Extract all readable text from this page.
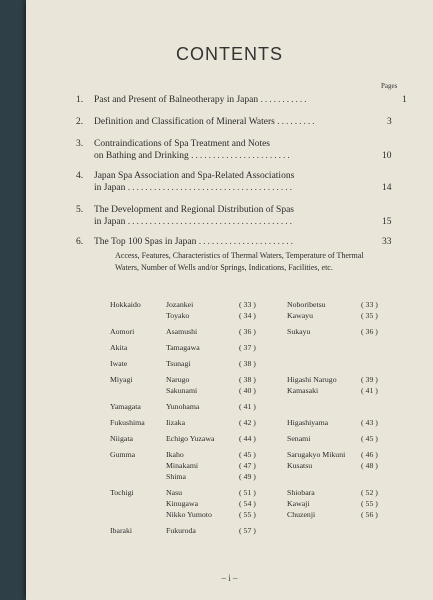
CONTENTS
Pages
1. Past and Present of Balneotherapy in Japan ...........	1
2. Definition and Classification of Mineral Waters .........	3
3. Contraindications of Spa Treatment and Notes
on Bathing and Drinking .......................	10
4. Japan Spa Association and Spa-Related Associations
in Japan ......................................	14
5. The Development and Regional Distribution of Spas
in Japan ......................................	15
6. The Top 100 Spas in Japan ......................	33
Access, Features, Characteristics of Thermal Waters, Temperature of Thermal Waters, Number of Wells and/or Springs, Indications, Facilities, etc.
Hokkaido	Jozankei	( 33 )	Noboribetsu	( 33 )
Toyako	( 34 )	Kawayu	( 35 )
Aomori	Asamushi	( 36 )	Sukayu	( 36 )
Akita	Tamagawa	( 37 )
Iwate	Tsunagi	( 38 )
Miyagi	Narugo	( 38 )	Higashi Narugo	( 39 )
Sakunami	( 40 )	Kamasaki	( 41 )
Yamagata	Yunohama	( 41 )
Fukushima	Iizaka	( 42 )	Higashiyama	( 43 )
Niigata	Echigo Yuzawa	( 44 )	Senami	( 45 )
Gumma	Ikaho	( 45 )	Sarugakyo Mikuni ( 46 )
Minakami	( 47 )	Kusatsu	( 48 )
Shima	( 49 )
Tochigi	Nasu	( 51 )	Shiobara	( 52 )
Kinugawa	( 54 )	Kawaji	( 55 )
Nikko Yumoto	( 55 )	Chuzenji	( 56 )
Ibaraki	Fukuroda	( 57 )
– i –
